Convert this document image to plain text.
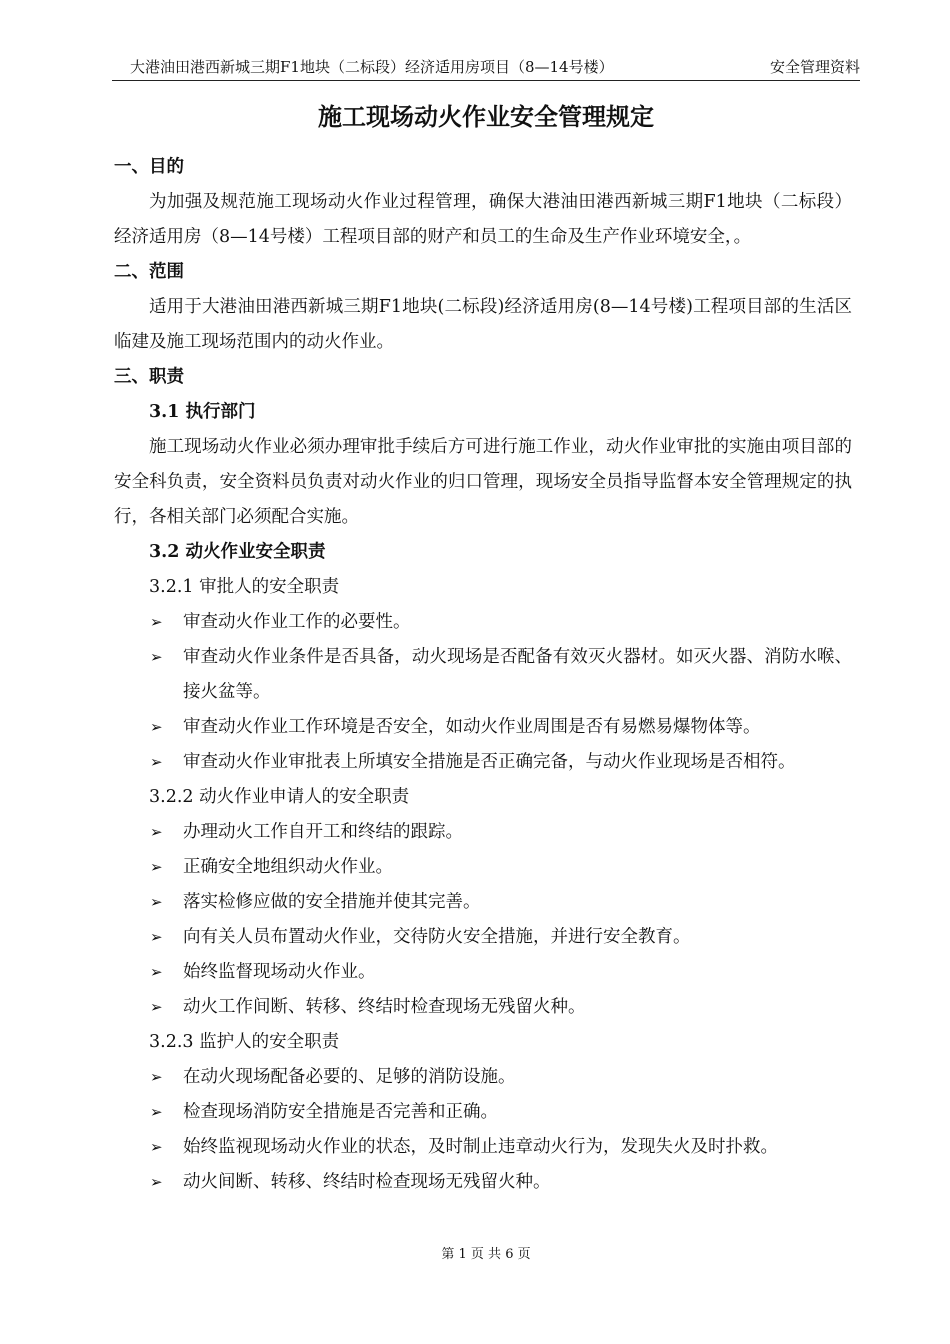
大港油田港西新城三期F1地块（二标段）经济适用房项目（8—14号楼）	安全管理资料
施工现场动火作业安全管理规定

一、目的

为加强及规范施工现场动火作业过程管理，确保大港油田港西新城三期F1地块（二标段）经济适用房（8—14号楼）工程项目部的财产和员工的生命及生产作业环境安全，。

二、范围

适用于大港油田港西新城三期F1地块(二标段)经济适用房(8—14号楼)工程项目部的生活区临建及施工现场范围内的动火作业。

三、职责

3.1 执行部门

施工现场动火作业必须办理审批手续后方可进行施工作业，动火作业审批的实施由项目部的安全科负责，安全资料员负责对动火作业的归口管理，现场安全员指导监督本安全管理规定的执行，各相关部门必须配合实施。

3.2 动火作业安全职责

3.2.1 审批人的安全职责

➢ 审查动火作业工作的必要性。

➢ 审查动火作业条件是否具备，动火现场是否配备有效灭火器材。如灭火器、消防水喉、接火盆等。

➢ 审查动火作业工作环境是否安全，如动火作业周围是否有易燃易爆物体等。

➢ 审查动火作业审批表上所填安全措施是否正确完备，与动火作业现场是否相符。

3.2.2 动火作业申请人的安全职责

➢ 办理动火工作自开工和终结的跟踪。

➢ 正确安全地组织动火作业。

➢ 落实检修应做的安全措施并使其完善。

➢ 向有关人员布置动火作业，交待防火安全措施，并进行安全教育。

➢ 始终监督现场动火作业。

➢ 动火工作间断、转移、终结时检查现场无残留火种。

3.2.3 监护人的安全职责

➢ 在动火现场配备必要的、足够的消防设施。

➢ 检查现场消防安全措施是否完善和正确。

➢ 始终监视现场动火作业的状态，及时制止违章动火行为，发现失火及时扑救。

➢ 动火间断、转移、终结时检查现场无残留火种。

第 1 页 共 6 页
